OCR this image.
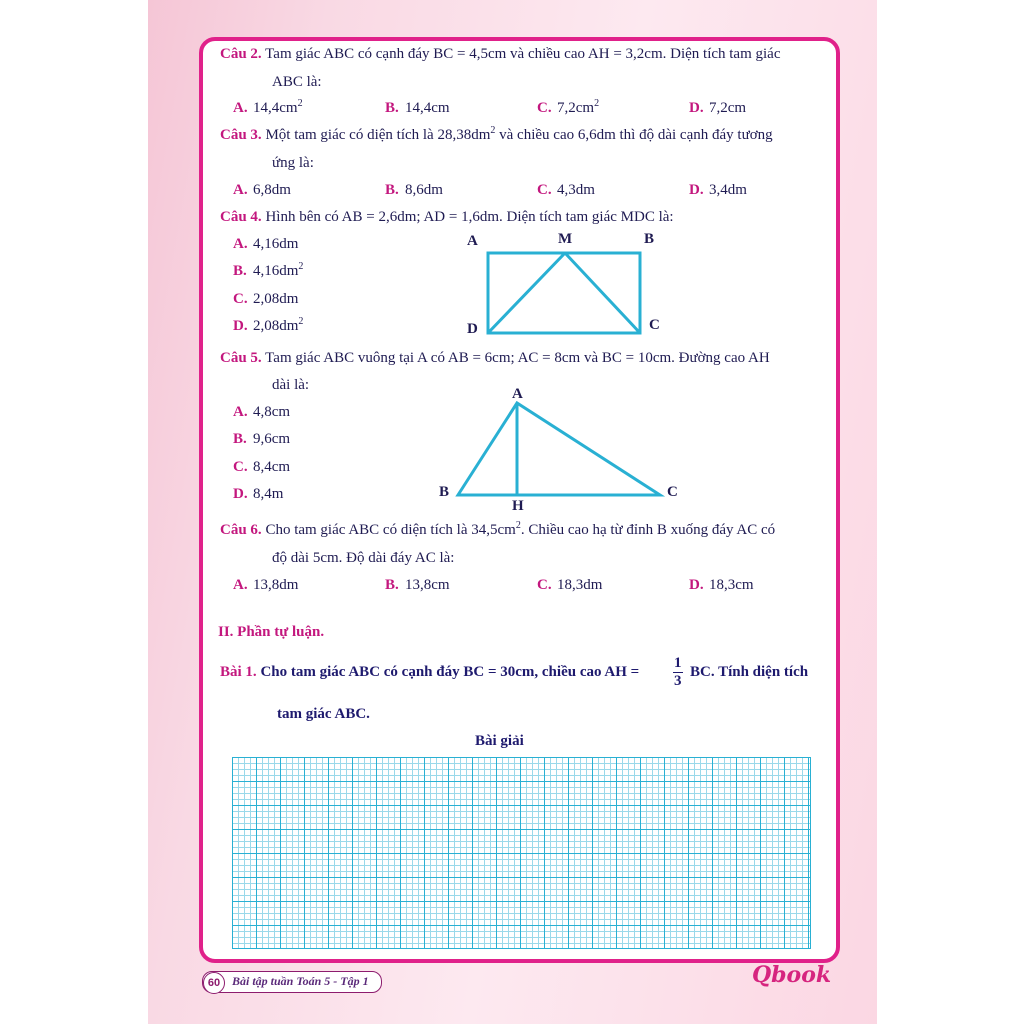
Câu 2. Tam giác ABC có cạnh đáy BC = 4,5cm và chiều cao AH = 3,2cm. Diện tích tam giác
ABC là:
A. $14,4cm^2$	B. 14,4cm	C. $7,2cm^2$	D. 7,2cm
Câu 3. Một tam giác có diện tích là $28,38dm^2$ và chiều cao 6,6dm thì độ dài cạnh đáy tương
ứng là:
A. 6,8dm	B. 8,6dm	C. 4,3dm	D. 3,4dm
Câu 4. Hình bên có AB = 2,6dm; AD = 1,6dm. Diện tích tam giác MDC là:
A. 4,16dm
B. $4,16dm^2$
C. 2,08dm
D. $2,08dm^2$
A	M	B
D	C
Câu 5. Tam giác ABC vuông tại A có AB = 6cm; AC = 8cm và BC = 10cm. Đường cao AH
dài là:
A. 4,8cm
B. 9,6cm
C. 8,4cm
D. 8,4m
A
B
H
C
Câu 6. Cho tam giác ABC có diện tích là $34,5cm^2$. Chiều cao hạ từ đỉnh B xuống đáy AC có
độ dài 5cm. Độ dài đáy AC là:
A. 13,8dm	B. 13,8cm	C. 18,3dm	D. 18,3cm
II. Phần tự luận.
Bài 1. Cho tam giác ABC có cạnh đáy BC = 30cm, chiều cao AH = $\frac{1}{3}$ BC. Tính diện tích
tam giác ABC.
Bài giải
60 Bài tập tuần Toán 5 - Tập 1	Qbook
